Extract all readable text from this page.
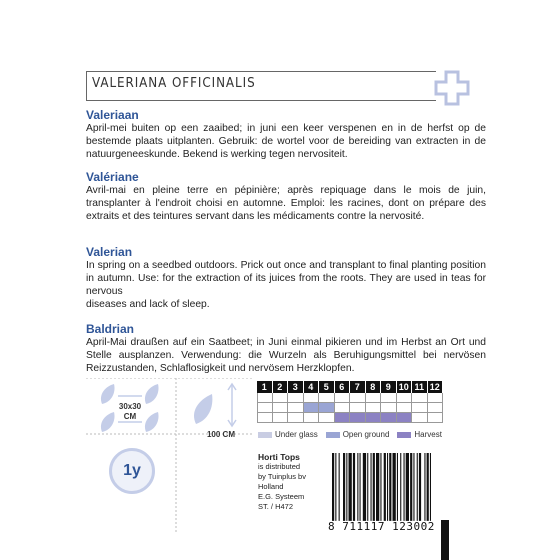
VALERIANA OFFICINALIS
Valeriaan

April-mei buiten op een zaaibed; in juni een keer verspenen en in de herfst op de bestemde plaats uitplanten. Gebruik: de wortel voor de bereiding van extracten in de natuurgeneeskunde. Bekend is werking tegen nervositeit.

Valériane

Avril-mai en pleine terre en pépinière; après repiquage dans le mois de juin, transplanter à l'endroit choisi en automne. Emploi: les racines, dont on prépare des extraits et des teintures servant dans les médicaments contre la nervosité.

Valerian

In spring on a seedbed outdoors. Prick out once and transplant to final planting position in autumn. Use: for the extraction of its juices from the roots. They are used in teas for nervous

diseases and lack of sleep.

Baldrian

April-Mai draußen auf ein Saatbeet; in Juni einmal pikieren und im Herbst an Ort und Stelle ausplanzen. Verwendung: die Wurzeln als Beruhigungsmittel bei nervösen Reizzustanden, Schlaflosigkeit und nervösem Herzklopfen.

30x30
CM
100 CM
1y
1	2	3	4	5	6	7	8	9 10 11 12
Under glass	Open ground	Harvest
Horti Tops
is distributed
by Tuinplus bv
Holland
E.G. Systeem
ST. / H472
8 711117 123002
